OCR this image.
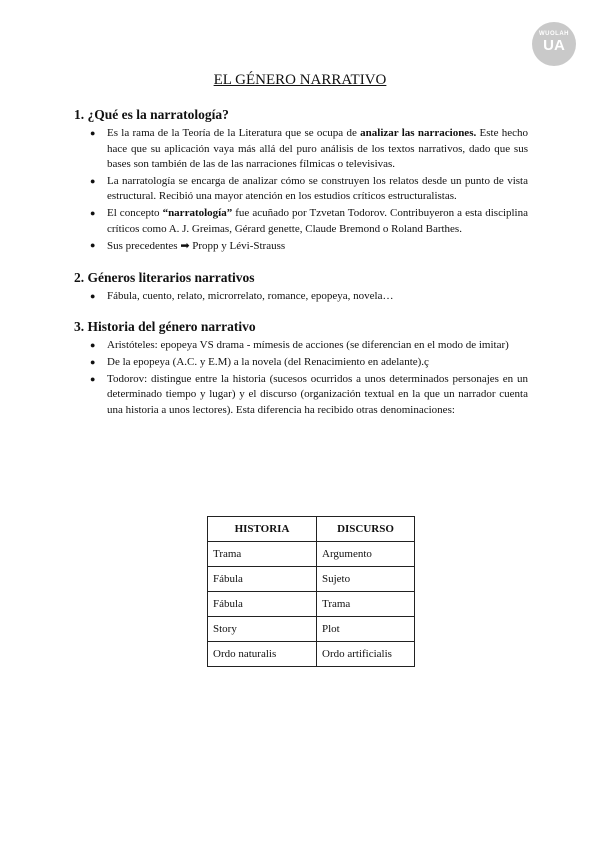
WUOLAH
UA
EL GÉNERO NARRATIVO
1. ¿Qué es la narratología?
● Es la rama de la Teoría de la Literatura que se ocupa de analizar las narraciones. Este hecho hace que su aplicación vaya más allá del puro análisis de los textos narrativos, dado que sus bases son también de las de las narraciones fílmicas o televisivas.
● La narratología se encarga de analizar cómo se construyen los relatos desde un punto de vista estructural. Recibió una mayor atención en los estudios críticos estructuralistas.
● El concepto “narratología” fue acuñado por Tzvetan Todorov. Contribuyeron a esta disciplina críticos como A. J. Greimas, Gérard genette, Claude Bremond o Roland Barthes.
● Sus precedentes ➡ Propp y Lévi-Strauss
2. Géneros literarios narrativos
● Fábula, cuento, relato, microrrelato, romance, epopeya, novela…
3. Historia del género narrativo
● Aristóteles: epopeya VS drama - mímesis de acciones (se diferencian en el modo de imitar)
● De la epopeya (A.C. y E.M) a la novela (del Renacimiento en adelante).ç
● Todorov: distingue entre la historia (sucesos ocurridos a unos determinados personajes en un determinado tiempo y lugar) y el discurso (organización textual en la que un narrador cuenta una historia a unos lectores). Esta diferencia ha recibido otras denominaciones:
HISTORIA	DISCURSO
Trama	Argumento
Fábula	Sujeto
Fábula	Trama
Story	Plot
Ordo naturalis	Ordo artificialis
